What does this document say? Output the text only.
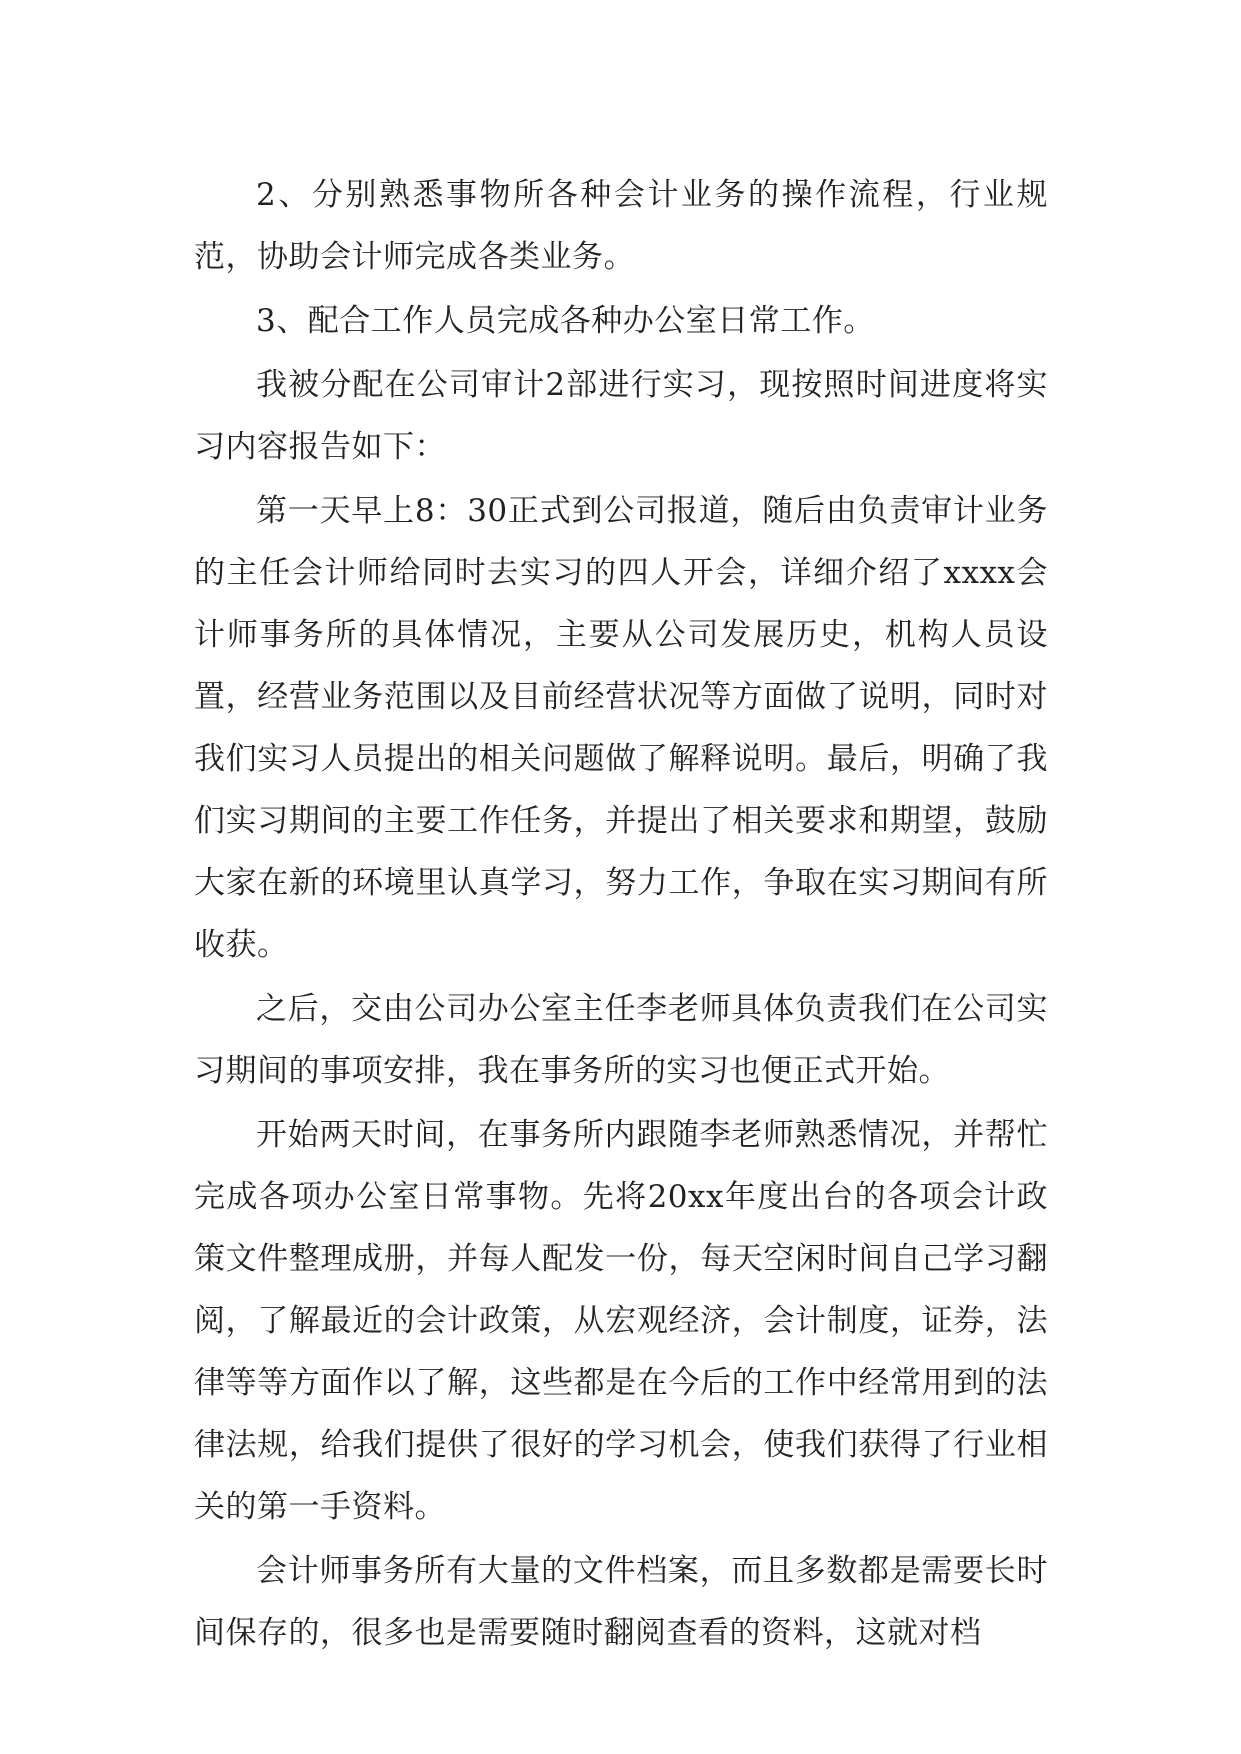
2、分别熟悉事物所各种会计业务的操作流程，行业规范，协助会计师完成各类业务。

3、配合工作人员完成各种办公室日常工作。

我被分配在公司审计2部进行实习，现按照时间进度将实习内容报告如下：

第一天早上8：30正式到公司报道，随后由负责审计业务的主任会计师给同时去实习的四人开会，详细介绍了xxxx会计师事务所的具体情况，主要从公司发展历史，机构人员设置，经营业务范围以及目前经营状况等方面做了说明，同时对我们实习人员提出的相关问题做了解释说明。最后，明确了我们实习期间的主要工作任务，并提出了相关要求和期望，鼓励大家在新的环境里认真学习，努力工作，争取在实习期间有所收获。

之后，交由公司办公室主任李老师具体负责我们在公司实习期间的事项安排，我在事务所的实习也便正式开始。

开始两天时间，在事务所内跟随李老师熟悉情况，并帮忙完成各项办公室日常事物。先将20xx年度出台的各项会计政策文件整理成册，并每人配发一份，每天空闲时间自己学习翻阅，了解最近的会计政策，从宏观经济，会计制度，证券，法律等等方面作以了解，这些都是在今后的工作中经常用到的法律法规，给我们提供了很好的学习机会，使我们获得了行业相关的第一手资料。

会计师事务所有大量的文件档案，而且多数都是需要长时间保存的，很多也是需要随时翻阅查看的资料，这就对档
